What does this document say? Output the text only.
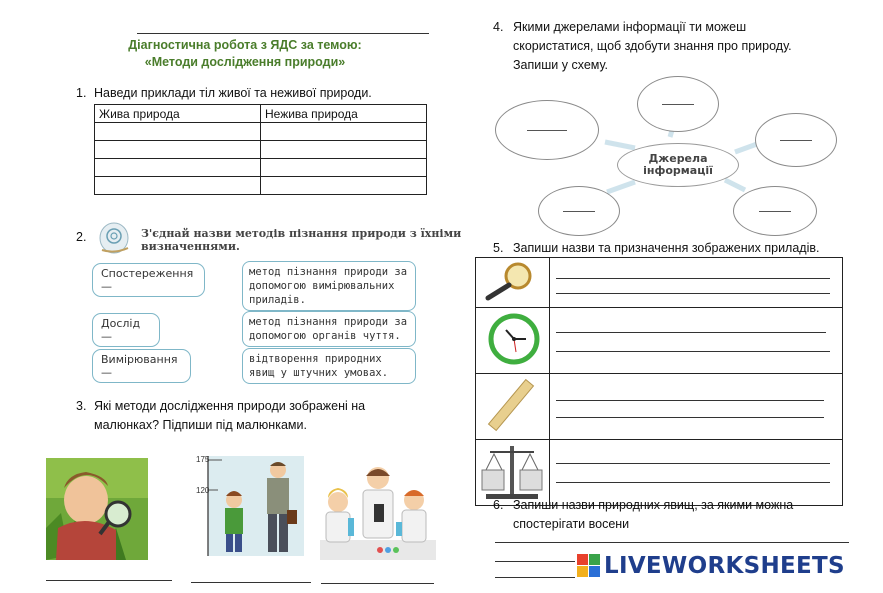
Діагностична робота з ЯДС за темою:
«Методи дослідження природи»
1. Наведи приклади тіл живої та неживої природи.
Жива природа	Нежива природа

2.	З'єднай назви методів пізнання природи з їхніми
визначеннями.
Спостереження —
Дослід —
Вимірювання —
метод пізнання природи за допомогою вимірювальних приладів.
метод пізнання природи за допомогою органів чуття.
відтворення природних явищ у штучних умовах.
3. Які методи дослідження природи зображені на
малюнках? Підпиши під малюнками.
175
120
4. Якими джерелами інформації ти можеш
скористатися, щоб здобути знання про природу.
Запиши у схему.
Джерела
інформації
5. Запиши назви та призначення зображених приладів.

6. Запиши назви природних явищ, за якими можна
спостерігати восени
LIVEWORKSHEETS
